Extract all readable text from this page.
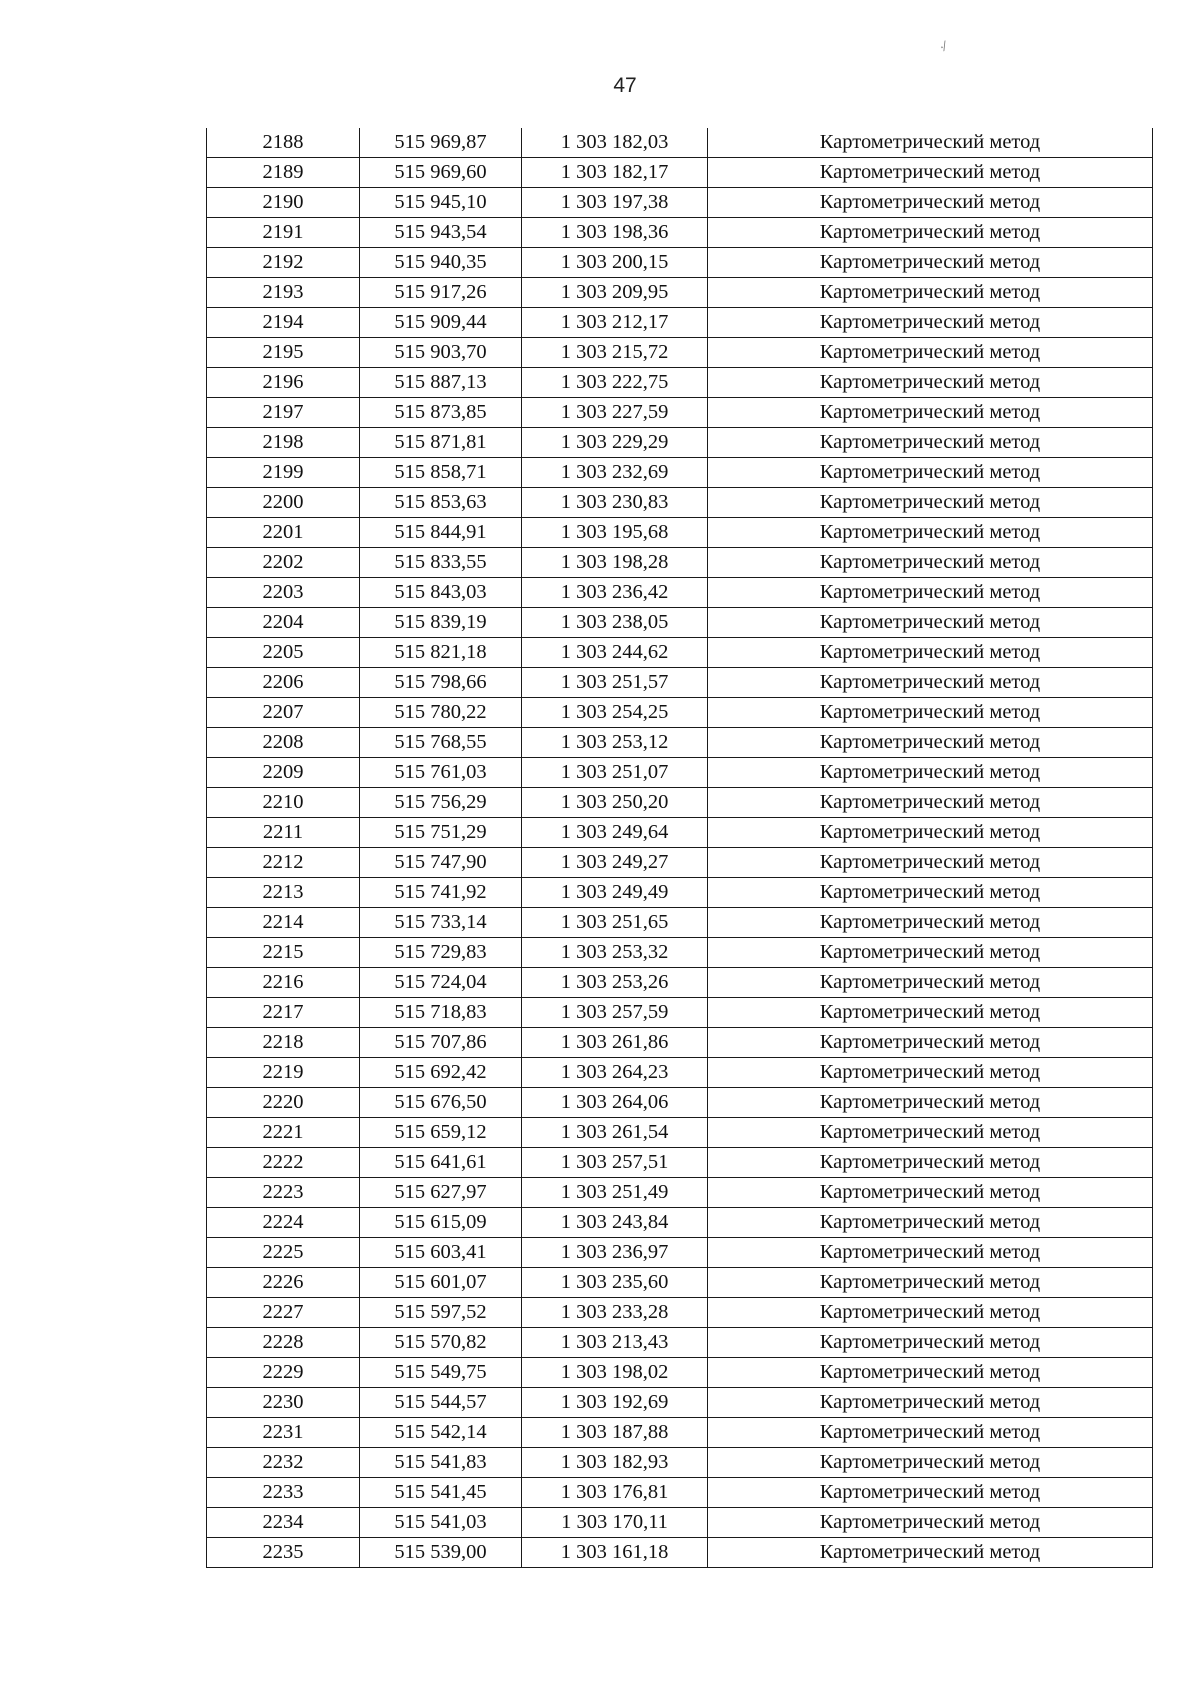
·⁄
47
2188	515 969,87	1 303 182,03	Картометрический метод
2189	515 969,60	1 303 182,17	Картометрический метод
2190	515 945,10	1 303 197,38	Картометрический метод
2191	515 943,54	1 303 198,36	Картометрический метод
2192	515 940,35	1 303 200,15	Картометрический метод
2193	515 917,26	1 303 209,95	Картометрический метод
2194	515 909,44	1 303 212,17	Картометрический метод
2195	515 903,70	1 303 215,72	Картометрический метод
2196	515 887,13	1 303 222,75	Картометрический метод
2197	515 873,85	1 303 227,59	Картометрический метод
2198	515 871,81	1 303 229,29	Картометрический метод
2199	515 858,71	1 303 232,69	Картометрический метод
2200	515 853,63	1 303 230,83	Картометрический метод
2201	515 844,91	1 303 195,68	Картометрический метод
2202	515 833,55	1 303 198,28	Картометрический метод
2203	515 843,03	1 303 236,42	Картометрический метод
2204	515 839,19	1 303 238,05	Картометрический метод
2205	515 821,18	1 303 244,62	Картометрический метод
2206	515 798,66	1 303 251,57	Картометрический метод
2207	515 780,22	1 303 254,25	Картометрический метод
2208	515 768,55	1 303 253,12	Картометрический метод
2209	515 761,03	1 303 251,07	Картометрический метод
2210	515 756,29	1 303 250,20	Картометрический метод
2211	515 751,29	1 303 249,64	Картометрический метод
2212	515 747,90	1 303 249,27	Картометрический метод
2213	515 741,92	1 303 249,49	Картометрический метод
2214	515 733,14	1 303 251,65	Картометрический метод
2215	515 729,83	1 303 253,32	Картометрический метод
2216	515 724,04	1 303 253,26	Картометрический метод
2217	515 718,83	1 303 257,59	Картометрический метод
2218	515 707,86	1 303 261,86	Картометрический метод
2219	515 692,42	1 303 264,23	Картометрический метод
2220	515 676,50	1 303 264,06	Картометрический метод
2221	515 659,12	1 303 261,54	Картометрический метод
2222	515 641,61	1 303 257,51	Картометрический метод
2223	515 627,97	1 303 251,49	Картометрический метод
2224	515 615,09	1 303 243,84	Картометрический метод
2225	515 603,41	1 303 236,97	Картометрический метод
2226	515 601,07	1 303 235,60	Картометрический метод
2227	515 597,52	1 303 233,28	Картометрический метод
2228	515 570,82	1 303 213,43	Картометрический метод
2229	515 549,75	1 303 198,02	Картометрический метод
2230	515 544,57	1 303 192,69	Картометрический метод
2231	515 542,14	1 303 187,88	Картометрический метод
2232	515 541,83	1 303 182,93	Картометрический метод
2233	515 541,45	1 303 176,81	Картометрический метод
2234	515 541,03	1 303 170,11	Картометрический метод
2235	515 539,00	1 303 161,18	Картометрический метод
